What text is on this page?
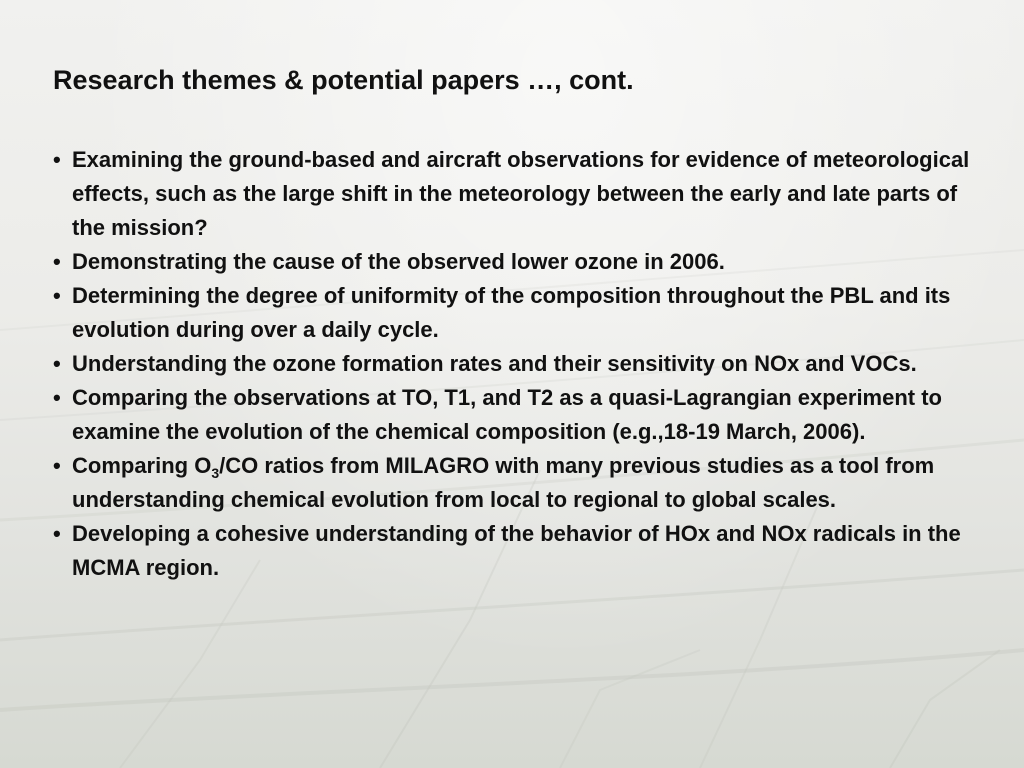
Research themes & potential papers …, cont.
• Examining the ground-based and aircraft observations for evidence of meteorological effects, such as the large shift in the meteorology between the early and late parts of the mission?
• Demonstrating the cause of the observed lower ozone in 2006.
• Determining the degree of uniformity of the composition throughout the PBL and its evolution during over a daily cycle.
• Understanding the ozone formation rates and their sensitivity on NOx and VOCs.
• Comparing the observations at TO, T1, and T2 as a quasi-Lagrangian experiment to examine the evolution of the chemical composition (e.g.,18-19 March, 2006).
• Comparing $O_3/CO$ ratios from MILAGRO with many previous studies as a tool from understanding chemical evolution from local to regional to global scales.
• Developing a cohesive understanding of the behavior of HOx and NOx radicals in the MCMA region.
